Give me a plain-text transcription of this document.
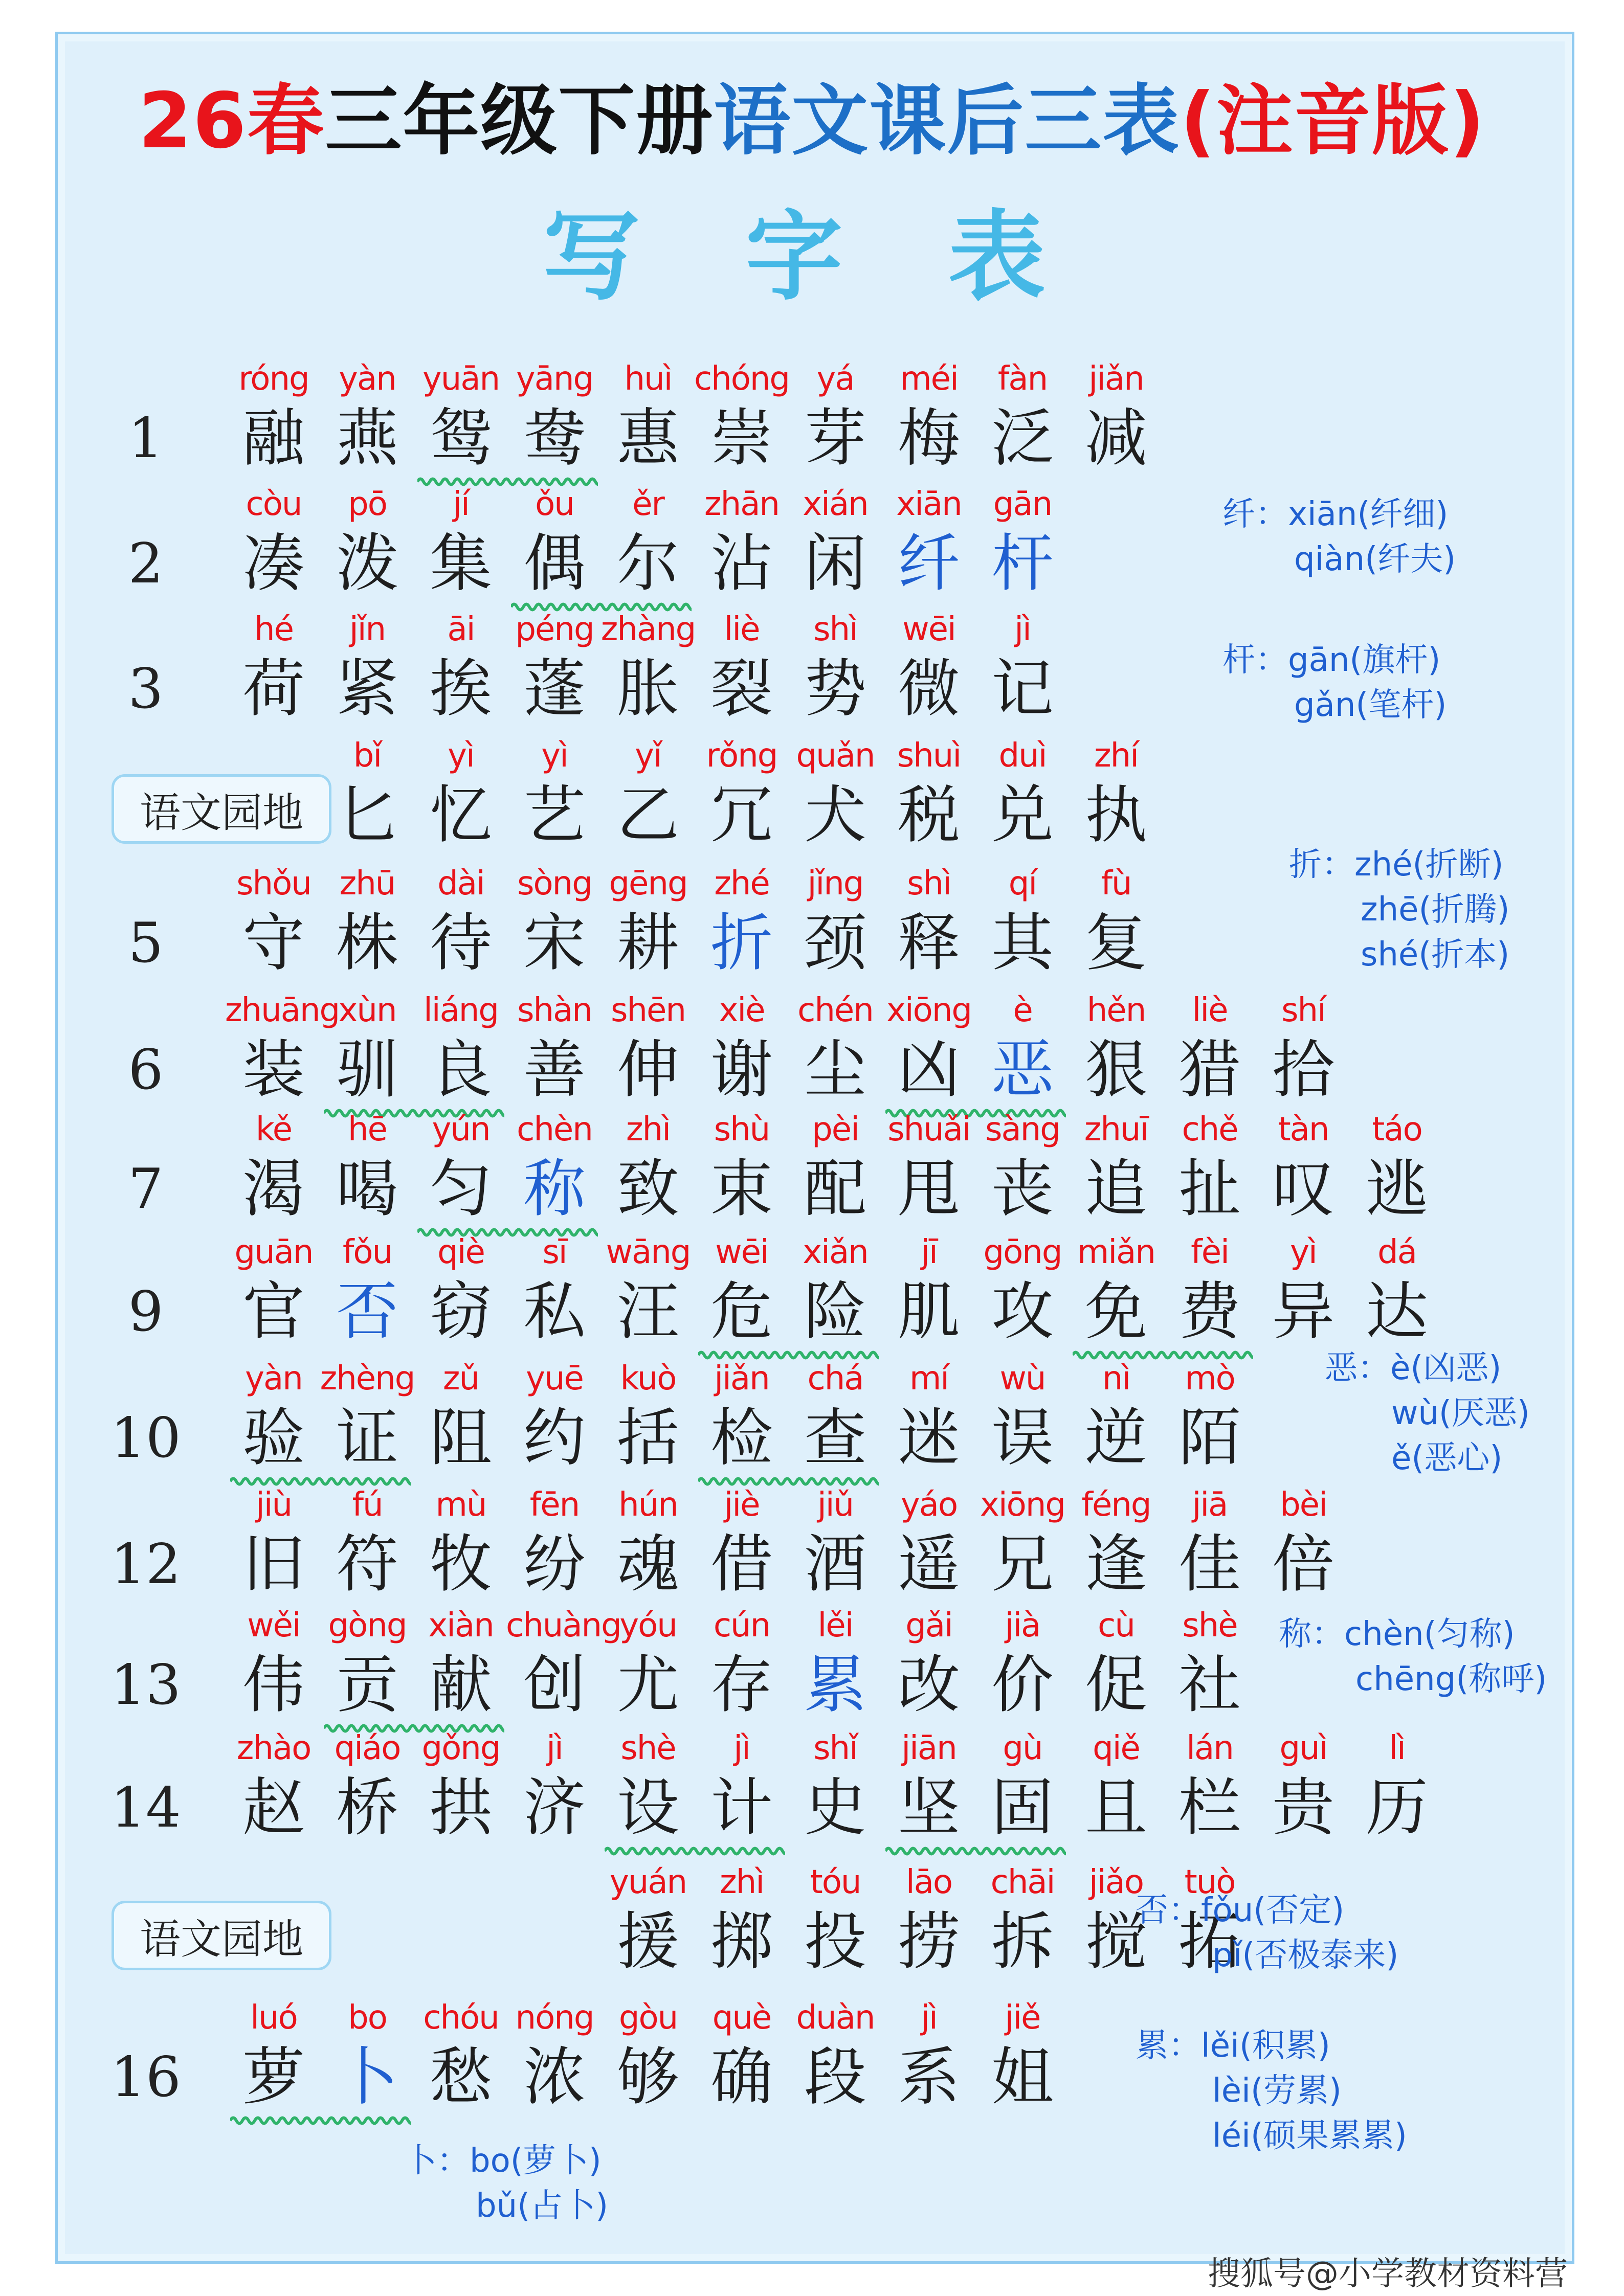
26春三年级下册语文课后三表(注音版)
写 字 表
1
róng
融
yàn
燕
yuān
鸳
yāng
鸯
huì
惠
chóng
崇
yá
芽
méi
梅
fàn
泛
jiǎn
减
2
còu
凑
pō
泼
jí
集
ǒu
偶
ěr
尔
zhān
沾
xián
闲
xiān
纤
gān
杆
3
hé
荷
jǐn
紧
āi
挨
péng
蓬
zhàng
胀
liè
裂
shì
势
wēi
微
jì
记
语文园地
bǐ
匕
yì
忆
yì
艺
yǐ
乙
rǒng
冗
quǎn
犬
shuì
税
duì
兑
zhí
执
5
shǒu
守
zhū
株
dài
待
sòng
宋
gēng
耕
zhé
折
jǐng
颈
shì
释
qí
其
fù
复
6
zhuāng
装
xùn
驯
liáng
良
shàn
善
shēn
伸
xiè
谢
chén
尘
xiōng
凶
è
恶
hěn
狠
liè
猎
shí
拾
7
kě
渴
hē
喝
yún
匀
chèn
称
zhì
致
shù
束
pèi
配
shuǎi
甩
sàng
丧
zhuī
追
chě
扯
tàn
叹
táo
逃
9
guān
官
fǒu
否
qiè
窃
sī
私
wāng
汪
wēi
危
xiǎn
险
jī
肌
gōng
攻
miǎn
免
fèi
费
yì
异
dá
达
10
yàn
验
zhèng
证
zǔ
阻
yuē
约
kuò
括
jiǎn
检
chá
查
mí
迷
wù
误
nì
逆
mò
陌
12
jiù
旧
fú
符
mù
牧
fēn
纷
hún
魂
jiè
借
jiǔ
酒
yáo
遥
xiōng
兄
féng
逢
jiā
佳
bèi
倍
13
wěi
伟
gòng
贡
xiàn
献
chuàng
创
yóu
尤
cún
存
lěi
累
gǎi
改
jià
价
cù
促
shè
社
14
zhào
赵
qiáo
桥
gǒng
拱
jì
济
shè
设
jì
计
shǐ
史
jiān
坚
gù
固
qiě
且
lán
栏
guì
贵
lì
历
语文园地
yuán
援
zhì
掷
tóu
投
lāo
捞
chāi
拆
jiǎo
搅
tuò
拓
16
luó
萝
bo
卜
chóu
愁
nóng
浓
gòu
够
què
确
duàn
段
jì
系
jiě
姐
纤：xiān(纤细)
qiàn(纤夫)
杆：gān(旗杆)
gǎn(笔杆)
折：zhé(折断)
zhē(折腾)
shé(折本)
恶：è(凶恶)
wù(厌恶)
ě(恶心)
称：chèn(匀称)
chēng(称呼)
否：fǒu(否定)
pǐ(否极泰来)
累：lěi(积累)
lèi(劳累)
léi(硕果累累)
卜：bo(萝卜)
bǔ(占卜)
搜狐号@小学教材资料营
